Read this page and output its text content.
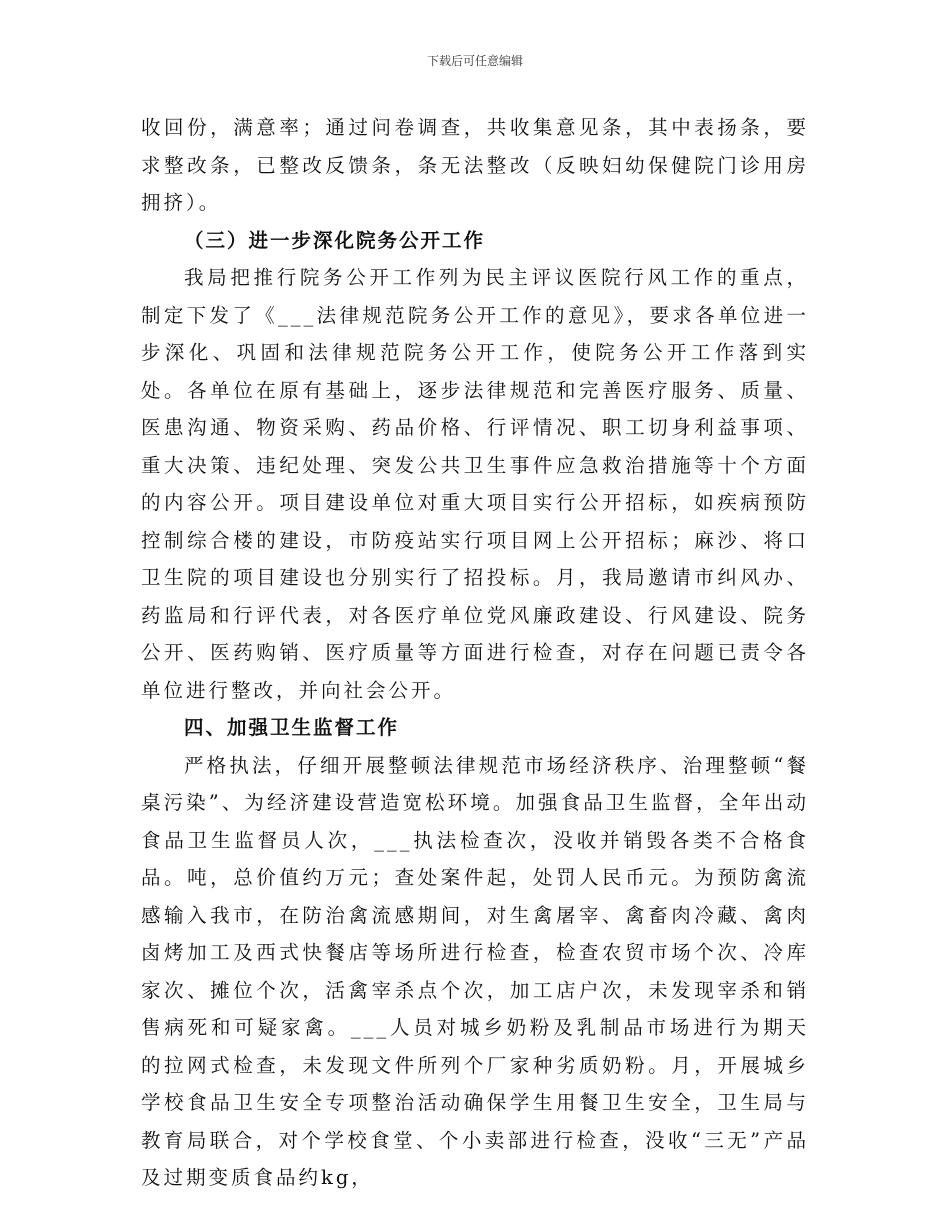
下载后可任意编辑

收回份，满意率；通过问卷调查，共收集意见条，其中表扬条，要求整改条，已整改反馈条，条无法整改（反映妇幼保健院门诊用房拥挤）。

（三）进一步深化院务公开工作

我局把推行院务公开工作列为民主评议医院行风工作的重点，制定下发了《___法律规范院务公开工作的意见》，要求各单位进一步深化、巩固和法律规范院务公开工作，使院务公开工作落到实处。各单位在原有基础上，逐步法律规范和完善医疗服务、质量、医患沟通、物资采购、药品价格、行评情况、职工切身利益事项、重大决策、违纪处理、突发公共卫生事件应急救治措施等十个方面的内容公开。项目建设单位对重大项目实行公开招标，如疾病预防控制综合楼的建设，市防疫站实行项目网上公开招标；麻沙、将口卫生院的项目建设也分别实行了招投标。月，我局邀请市纠风办、药监局和行评代表，对各医疗单位党风廉政建设、行风建设、院务公开、医药购销、医疗质量等方面进行检查，对存在问题已责令各单位进行整改，并向社会公开。

四、加强卫生监督工作

严格执法，仔细开展整顿法律规范市场经济秩序、治理整顿“餐桌污染”、为经济建设营造宽松环境。加强食品卫生监督，全年出动食品卫生监督员人次，___执法检查次，没收并销毁各类不合格食品。吨，总价值约万元；查处案件起，处罚人民币元。为预防禽流感输入我市，在防治禽流感期间，对生禽屠宰、禽畜肉冷藏、禽肉卤烤加工及西式快餐店等场所进行检查，检查农贸市场个次、冷库家次、摊位个次，活禽宰杀点个次，加工店户次，未发现宰杀和销售病死和可疑家禽。___人员对城乡奶粉及乳制品市场进行为期天的拉网式检查，未发现文件所列个厂家种劣质奶粉。月，开展城乡学校食品卫生安全专项整治活动确保学生用餐卫生安全，卫生局与教育局联合，对个学校食堂、个小卖部进行检查，没收“三无”产品及过期变质食品约kg，
